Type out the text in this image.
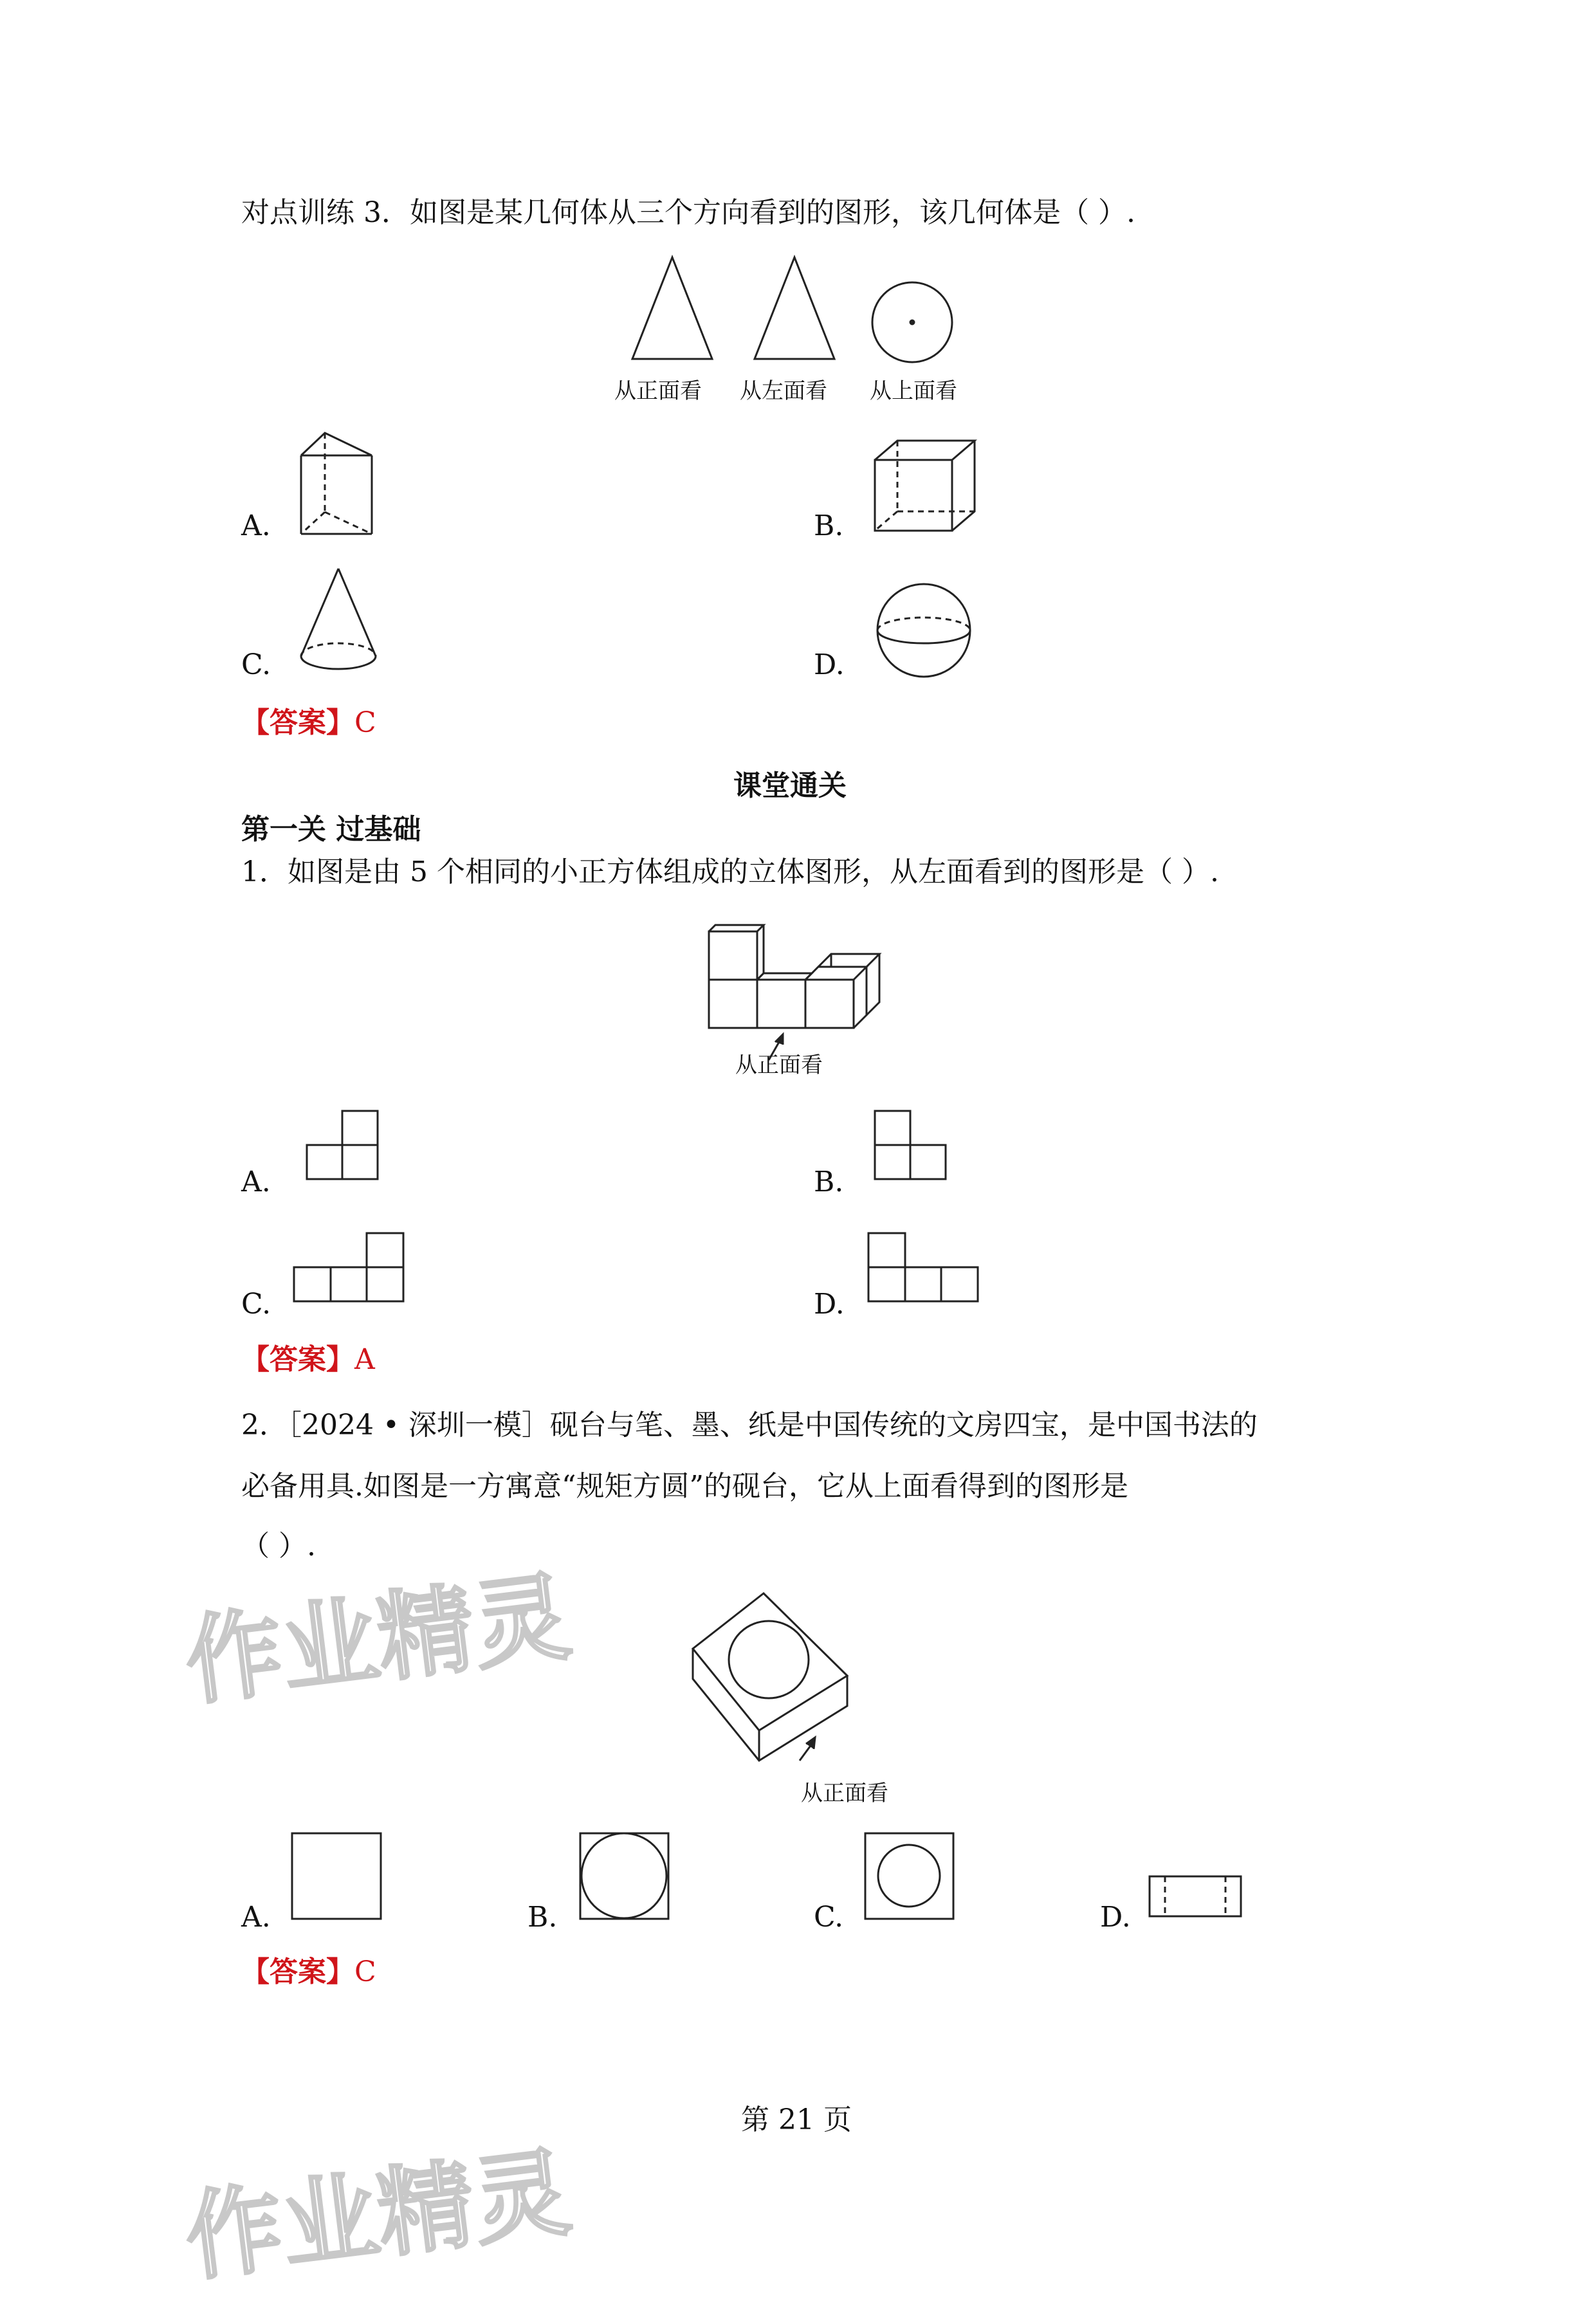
对点训练 3．如图是某几何体从三个方向看到的图形，该几何体是（ ）.
从正面看 从左面看 从上面看
A.	B.
C.	D.
【答案】C
课堂通关
第一关 过基础
1．如图是由 5 个相同的小正方体组成的立体图形，从左面看到的图形是（ ）.
从正面看
A.	B.
C.	D.
【答案】A
2．［2024 • 深圳一模］砚台与笔、墨、纸是中国传统的文房四宝，是中国书法的
必备用具.如图是一方寓意“规矩方圆”的砚台，它从上面看得到的图形是
（ ）.
从正面看
A.	B.	C.	D.
【答案】C
第 21 页
作业精灵
作业精灵
